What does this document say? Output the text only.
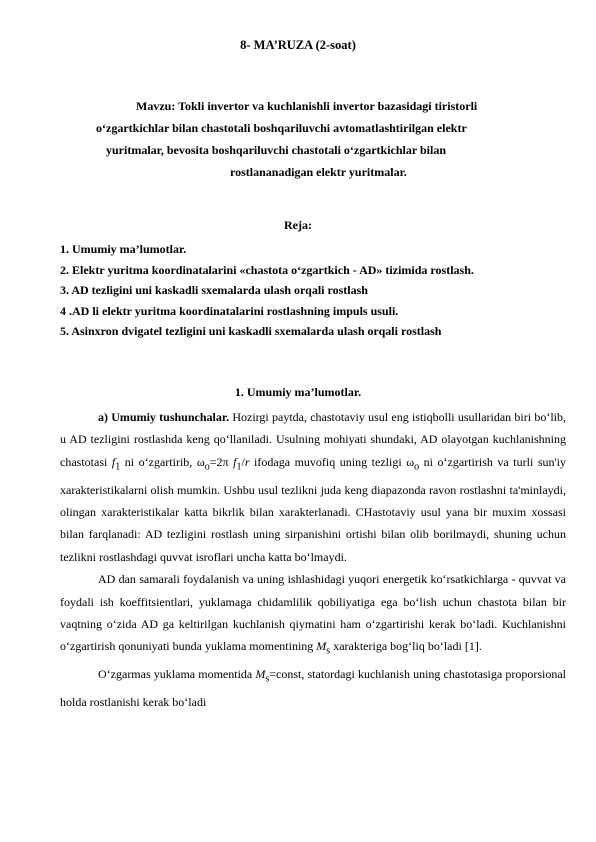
8- MA’RUZA (2-soat)
Mavzu: Tokli invertor va kuchlanishli invertor bazasidagi tiristorli
o‘zgartkichlar bilan chastotali boshqariluvchi avtomatlashtirilgan elektr
yuritmalar, bevosita boshqariluvchi chastotali o‘zgartkichlar bilan
rostlananadigan elektr yuritmalar.
Reja:
1. Umumiy ma’lumotlar.
2. Elektr yuritma koordinatalarini «chastota o‘zgartkich - AD» tizimida rostlash.
3. AD tezligini uni kaskadli sxemalarda ulash orqali rostlash
4 .AD li elektr yuritma koordinatalarini rostlashning impuls usuli.
5. Asinxron dvigatel tezligini uni kaskadli sxemalarda ulash orqali rostlash
1. Umumiy ma’lumotlar.

a) Umumiy tushunchalar. Hozirgi paytda, chastotaviy usul eng istiqbolli usullaridan biri bo‘lib, u AD tezligini rostlashda keng qo‘llaniladi. Usulning mohiyati shundaki, AD olayotgan kuchlanishning chastotasi $f_1$ ni o‘zgartirib, $\omega_o=2\pi$ $f_1/r$ ifodaga muvofiq uning tezligi $\omega_o$ ni o‘zgartirish va turli sun'iy xarakteristikalarni olish mumkin. Ushbu usul tezlikni juda keng diapazonda ravon rostlashni ta'minlaydi, olingan xarakteristikalar katta bikrlik bilan xarakterlanadi. CHastotaviy usul yana bir muxim xossasi bilan farqlanadi: AD tezligini rostlash uning sirpanishini ortishi bilan olib borilmaydi, shuning uchun tezlikni rostlashdagi quvvat isroflari uncha katta bo‘lmaydi.

AD dan samarali foydalanish va uning ishlashidagi yuqori energetik ko‘rsatkichlarga - quvvat va foydali ish koeffitsientlari, yuklamaga chidamlilik qobiliyatiga ega bo‘lish uchun chastota bilan bir vaqtning o‘zida AD ga keltirilgan kuchlanish qiymatini ham o‘zgartirishi kerak bo‘ladi. Kuchlanishni o‘zgartirish qonuniyati bunda yuklama momentining $M_s$ xarakteriga bog‘liq bo‘ladi [1].

O‘zgarmas yuklama momentida $M_s=const$, statordagi kuchlanish uning chastotasiga proporsional holda rostlanishi kerak bo‘ladi
